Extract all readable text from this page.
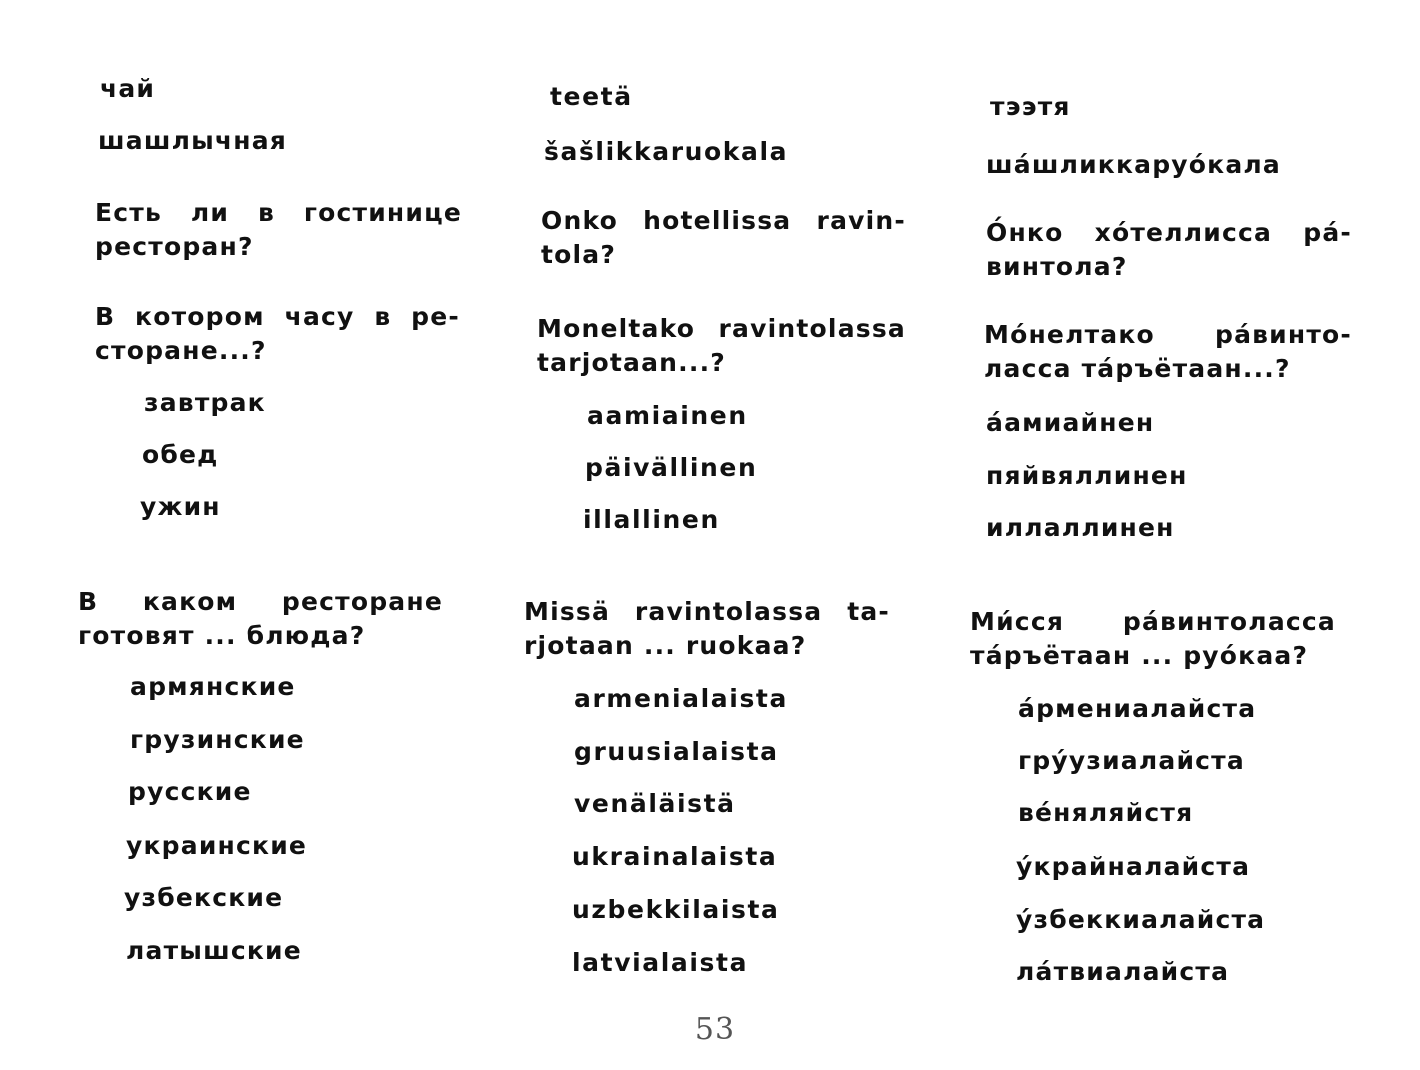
чай
шашлычная
Есть ли в гостинице
ресторан?
В котором часу в ре-
сторане...?
завтрак
обед
ужин
В каком ресторане
готовят ... блюда?
армянские
грузинские
русские
украинские
узбекские
латышские
teetä
šašlikkaruokala
Onko hotellissa ravin-
tola?
Moneltako ravintolassa
tarjotaan...?
aamiainen
päivällinen
illallinen
Missä ravintolassa ta-
rjotaan ... ruokaa?
armenialaista
gruusialaista
venäläistä
ukrainalaista
uzbekkilaista
latvialaista
тээтя
ша́шликкаруо́кала
О́нко хо́теллисса ра́-
винтола?
Мо́нелтако ра́винто-
ласса та́ръётаан...?
а́амиайнен
пяйвяллинен
иллаллинен
Ми́сся ра́винтоласса
та́ръётаан ... руо́каа?
а́рмениалайста
гру́узиалайста
ве́няляйстя
у́крайналайста
у́збеккиалайста
ла́твиалайста
53
